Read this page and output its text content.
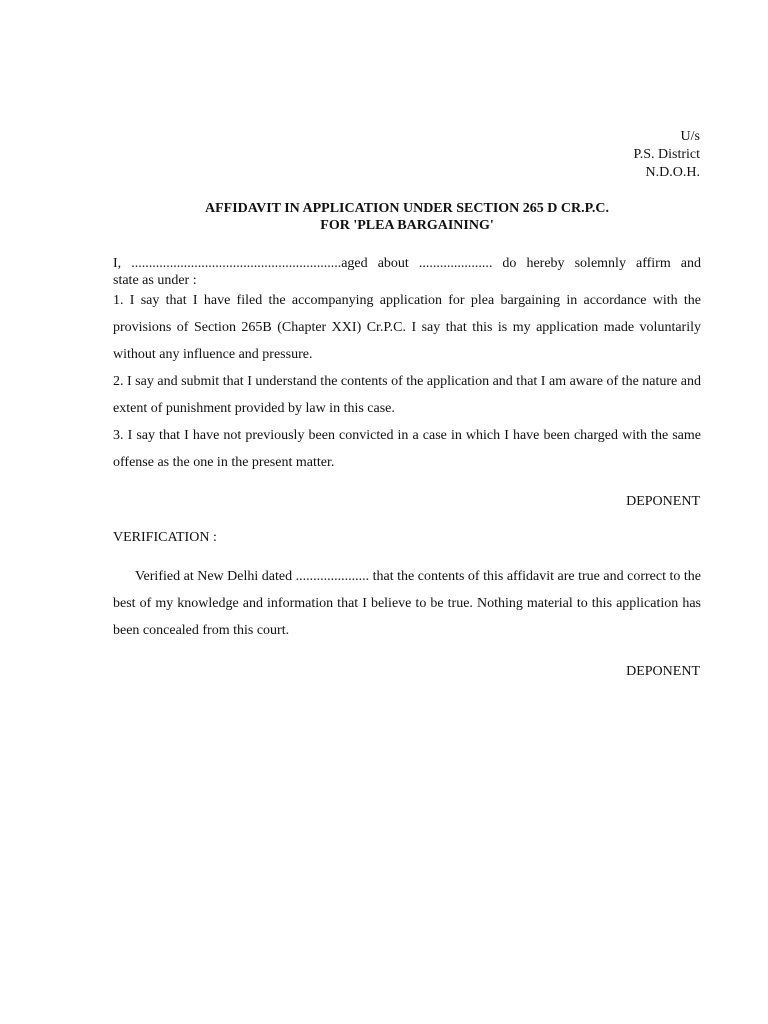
U/s
P.S. District
N.D.O.H.
AFFIDAVIT IN APPLICATION UNDER SECTION 265 D CR.P.C.
FOR 'PLEA BARGAINING'
I, ............................................................aged about ..................... do hereby solemnly affirm and
state as under :

1. I say that I have filed the accompanying application for plea bargaining in accordance with the provisions of Section 265B (Chapter XXI) Cr.P.C. I say that this is my application made voluntarily without any influence and pressure.

2. I say and submit that I understand the contents of the application and that I am aware of the nature and extent of punishment provided by law in this case.

3. I say that I have not previously been convicted in a case in which I have been charged with the same offense as the one in the present matter.

DEPONENT
VERIFICATION :

Verified at New Delhi dated ..................... that the contents of this affidavit are true and correct to the best of my knowledge and information that I believe to be true. Nothing material to this application has been concealed from this court.

DEPONENT
